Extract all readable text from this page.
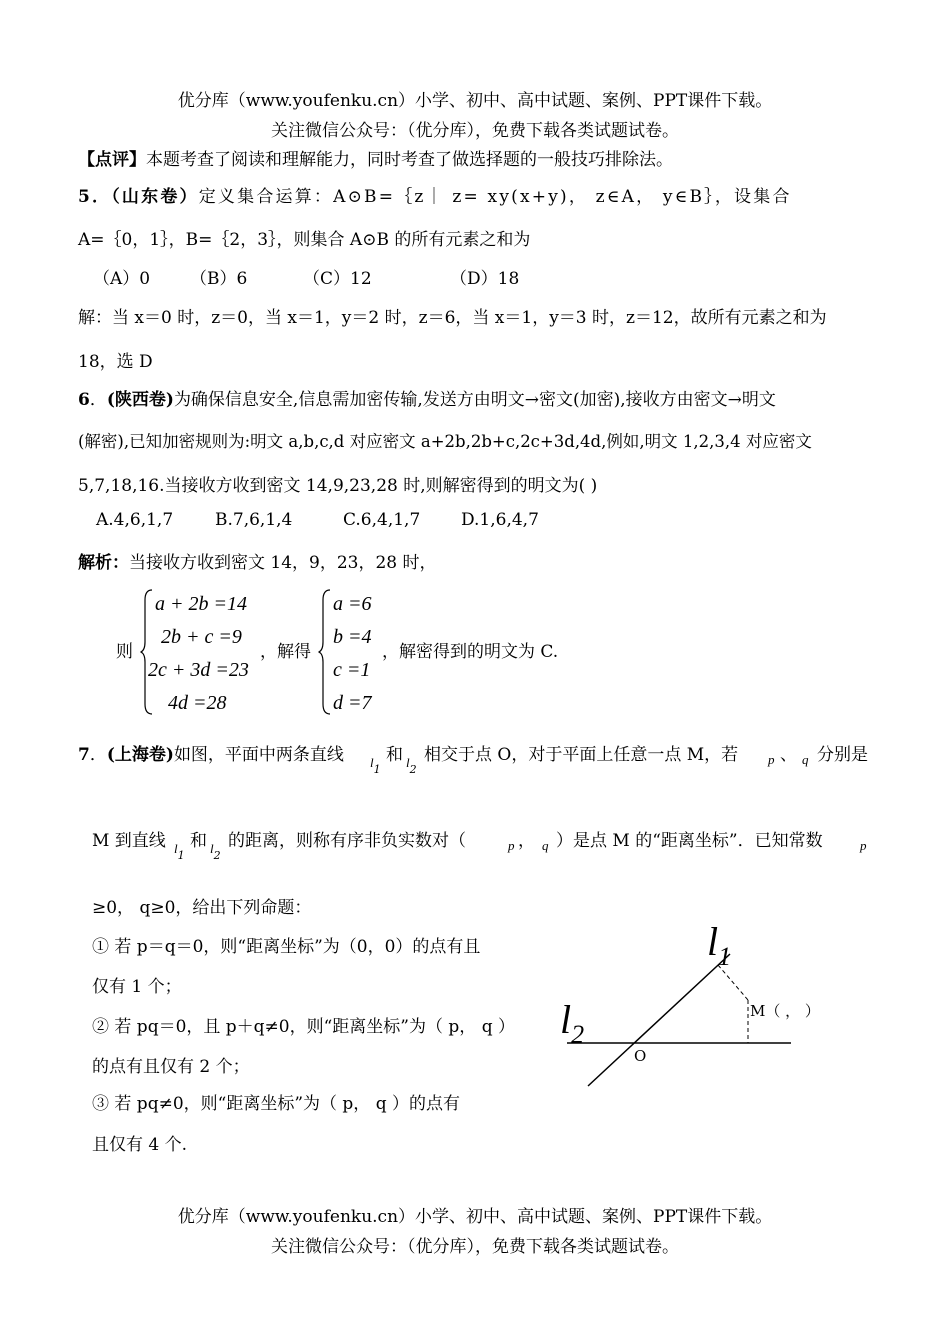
优分库（www.youfenku.cn）小学、初中、高中试题、案例、PPT课件下载。
关注微信公众号：（优分库），免费下载各类试题试卷。
【点评】本题考查了阅读和理解能力，同时考查了做选择题的一般技巧排除法。
5．（山东卷）定义集合运算：A⊙B=｛z｜ z= xy(x+y)， z∈A， y∈B｝，设集合
A=｛0，1｝，B=｛2，3｝，则集合 A⊙B 的所有元素之和为
（A）0 （B）6	（C）12	（D）18
解：当 x＝0 时，z＝0，当 x＝1，y＝2 时，z＝6，当 x＝1，y＝3 时，z＝12，故所有元素之和为
18，选 D
6．(陕西卷)为确保信息安全,信息需加密传输,发送方由明文→密文(加密),接收方由密文→明文
(解密),已知加密规则为:明文 a,b,c,d 对应密文 a+2b,2b+c,2c+3d,4d,例如,明文 1,2,3,4 对应密文
5,7,18,16.当接收方收到密文 14,9,23,28 时,则解密得到的明文为( )
A.4,6,1,7 B.7,6,1,4	C.6,4,1,7 D.1,6,4,7
解析：当接收方收到密文 14，9，23，28 时，
则
a + 2b =14
2b + c =9
2c + 3d =23
4d =28
，解得
a =6
b =4
c =1
d =7
，解密得到的明文为 C.
7．(上海卷)如图，平面中两条直线 $l_1$
和 $l_2$
相交于点 O，对于平面上任意一点 M，若 p 、 q 分别是
M 到直线 $l_1$
和 $l_2$
的距离，则称有序非负实数对（	p ， q ）是点 M 的“距离坐标”．已知常数	p
≥0， q≥0，给出下列命题：
① 若 p＝q＝0，则“距离坐标”为（0，0）的点有且
仅有 1 个；
② 若 pq＝0，且 p＋q≠0，则“距离坐标”为（ p， q ）
的点有且仅有 2 个；
③ 若 pq≠0，则“距离坐标”为（ p， q ）的点有
且仅有 4 个.
$l_1$
$l_2$
M（ ， ）
O
优分库（www.youfenku.cn）小学、初中、高中试题、案例、PPT课件下载。
关注微信公众号：（优分库），免费下载各类试题试卷。
